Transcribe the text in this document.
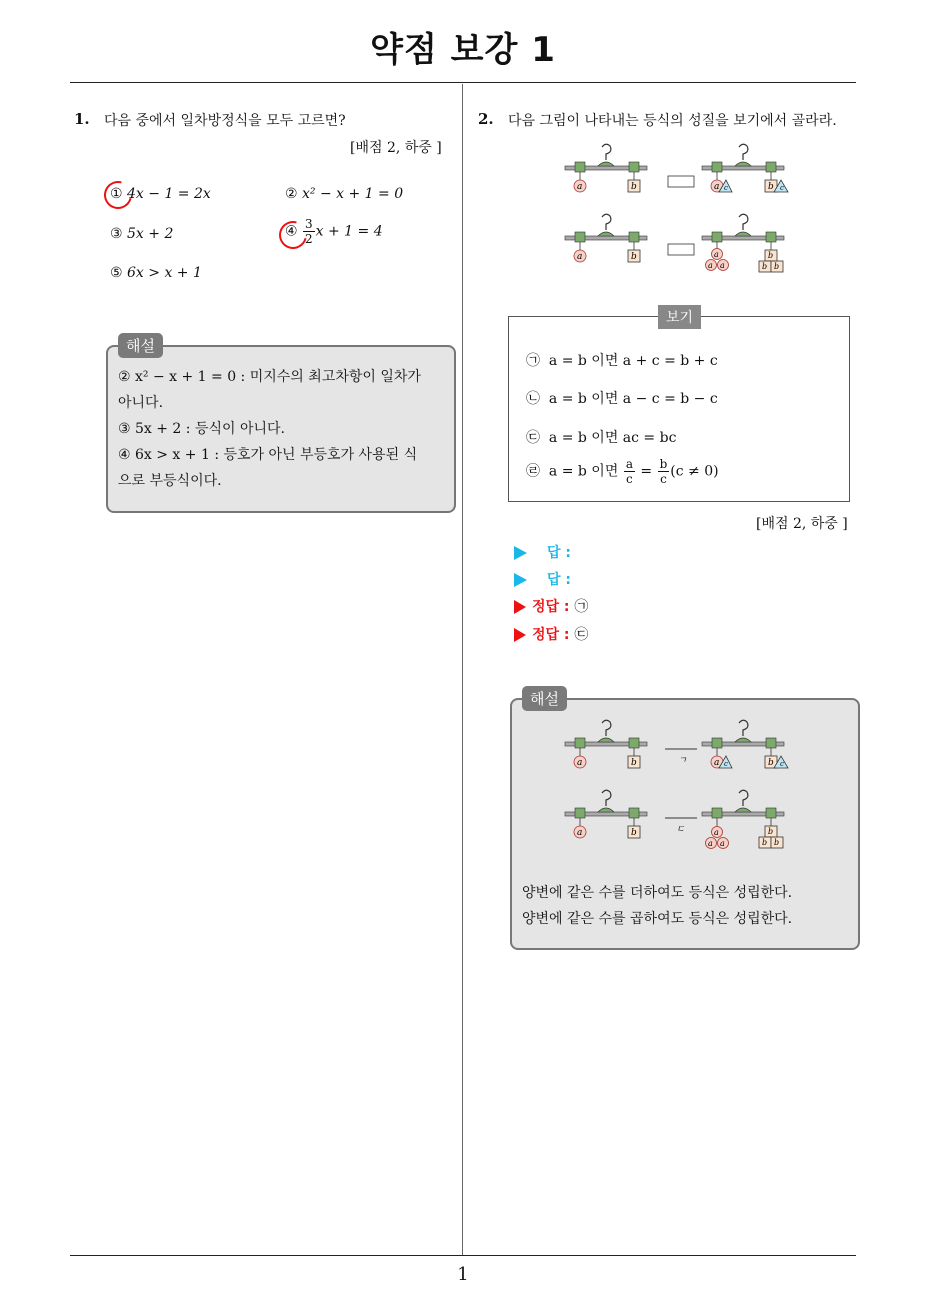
약점 보강 1
1. 다음 중에서 일차방정식을 모두 고르면?
[배점 2, 하중 ]
① 4x − 1 = 2x	② x² − x + 1 = 0
③ 5x + 2	④ $\frac{3}{2}$ x + 1 = 4
⑤ 6x > x + 1
해설
② x² − x + 1 = 0 : 미지수의 최고차항이 일차가
아니다.
③ 5x + 2 : 등식이 아니다.
④ 6x > x + 1 : 등호가 아닌 부등호가 사용된 식
으로 부등식이다.
2. 다음 그림이 나타내는 등식의 성질을 보기에서 골라라.
a	b	a c	b c
a	b	a
a a
b
b b
보기
㉠ a = b 이면 a + c = b + c
㉡ a = b 이면 a − c = b − c
㉢ a = b 이면 ac = bc
㉣ a = b 이면 $\frac{a}{c} = \frac{b}{c} (c \ne 0)$
[배점 2, 하중 ]
답 :
답 :
정답 : ㉠
정답 : ㉢
해설
a	b	ㄱ	a c	b c
a	b	ㄷ	a
a a
b
b b
양변에 같은 수를 더하여도 등식은 성립한다.
양변에 같은 수를 곱하여도 등식은 성립한다.
1
